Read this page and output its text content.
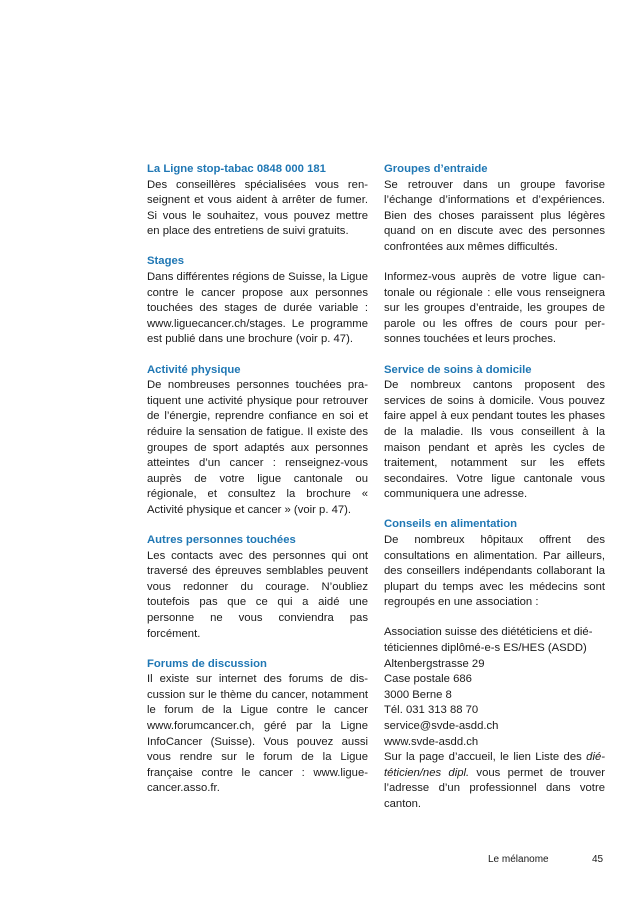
La Ligne stop-tabac 0848 000 181

Des conseillères spécialisées vous renseignent et vous aident à arrêter de fumer. Si vous le souhaitez, vous pouvez mettre en place des entretiens de suivi gratuits.

Stages

Dans différentes régions de Suisse, la Ligue contre le cancer propose aux personnes touchées des stages de durée variable : www.liguecancer.ch/stages. Le programme est publié dans une brochure (voir p. 47).

Activité physique

De nombreuses personnes touchées pratiquent une activité physique pour retrouver de l’énergie, reprendre confiance en soi et réduire la sensation de fatigue. Il existe des groupes de sport adaptés aux personnes atteintes d’un cancer : renseignez-vous auprès de votre ligue cantonale ou régionale, et consultez la brochure « Activité physique et cancer » (voir p. 47).

Autres personnes touchées

Les contacts avec des personnes qui ont traversé des épreuves semblables peuvent vous redonner du courage. N’oubliez toutefois pas que ce qui a aidé une personne ne vous conviendra pas forcément.

Forums de discussion

Il existe sur internet des forums de discussion sur le thème du cancer, notamment le forum de la Ligue contre le cancer www.forumcancer.ch, géré par la Ligne InfoCancer (Suisse). Vous pouvez aussi vous rendre sur le forum de la Ligue française contre le cancer : www.ligue-cancer.asso.fr.

Groupes d’entraide

Se retrouver dans un groupe favorise l’échange d’informations et d’expériences. Bien des choses paraissent plus légères quand on en discute avec des personnes confrontées aux mêmes difficultés.

Informez-vous auprès de votre ligue cantonale ou régionale : elle vous renseignera sur les groupes d’entraide, les groupes de parole ou les offres de cours pour personnes touchées et leurs proches.

Service de soins à domicile

De nombreux cantons proposent des services de soins à domicile. Vous pouvez faire appel à eux pendant toutes les phases de la maladie. Ils vous conseillent à la maison pendant et après les cycles de traitement, notamment sur les effets secondaires. Votre ligue cantonale vous communiquera une adresse.

Conseils en alimentation

De nombreux hôpitaux offrent des consultations en alimentation. Par ailleurs, des conseillers indépendants collaborant la plupart du temps avec les médecins sont regroupés en une association :

Association suisse des diététiciens et dié-
téticiennes diplômé-e-s ES/HES (ASDD)
Altenbergstrasse 29
Case postale 686
3000 Berne 8
Tél. 031 313 88 70
service@svde-asdd.ch
www.svde-asdd.ch

Sur la page d’accueil, le lien Liste des diététicien/nes dipl. vous permet de trouver l’adresse d’un professionnel dans votre canton.

Le mélanome	45
